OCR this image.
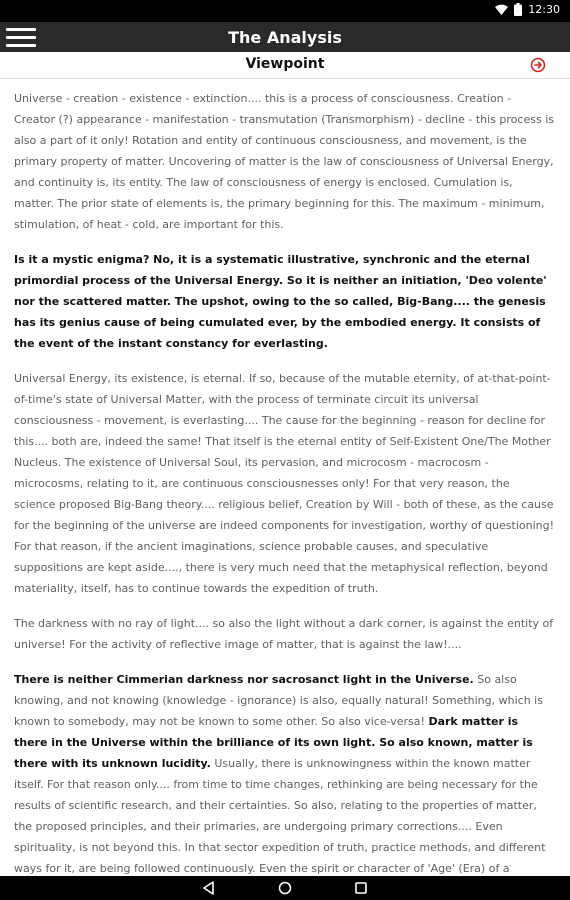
12:30
The Analysis
Viewpoint

Universe - creation - existence - extinction.... this is a process of consciousness. Creation - Creator (?) appearance - manifestation - transmutation (Transmorphism) - decline - this process is also a part of it only! Rotation and entity of continuous consciousness, and movement, is the primary property of matter. Uncovering of matter is the law of consciousness of Universal Energy, and continuity is, its entity. The law of consciousness of energy is enclosed. Cumulation is, matter. The prior state of elements is, the primary beginning for this. The maximum - minimum, stimulation, of heat - cold, are important for this.

Is it a mystic enigma? No, it is a systematic illustrative, synchronic and the eternal primordial process of the Universal Energy. So it is neither an initiation, 'Deo volente' nor the scattered matter. The upshot, owing to the so called, Big-Bang.... the genesis has its genius cause of being cumulated ever, by the embodied energy. It consists of the event of the instant constancy for everlasting.

Universal Energy, its existence, is eternal. If so, because of the mutable eternity, of at-that-point-of-time's state of Universal Matter, with the process of terminate circuit its universal consciousness - movement, is everlasting.... The cause for the beginning - reason for decline for this.... both are, indeed the same! That itself is the eternal entity of Self-Existent One/The Mother Nucleus. The existence of Universal Soul, its pervasion, and microcosm - macrocosm - microcosms, relating to it, are continuous consciousnesses only! For that very reason, the science proposed Big-Bang theory.... religious belief, Creation by Will - both of these, as the cause for the beginning of the universe are indeed components for investigation, worthy of questioning! For that reason, if the ancient imaginations, science probable causes, and speculative suppositions are kept aside...., there is very much need that the metaphysical reflection, beyond materiality, itself, has to continue towards the expedition of truth.

The darkness with no ray of light.... so also the light without a dark corner, is against the entity of universe! For the activity of reflective image of matter, that is against the law!....

There is neither Cimmerian darkness nor sacrosanct light in the Universe. So also knowing, and not knowing (knowledge - ignorance) is also, equally natural! Something, which is known to somebody, may not be known to some other. So also vice-versa! Dark matter is there in the Universe within the brilliance of its own light. So also known, matter is there with its unknown lucidity. Usually, there is unknowingness within the known matter itself. For that reason only.... from time to time changes, rethinking are being necessary for the results of scientific research, and their certainties. So also, relating to the properties of matter, the proposed principles, and their primaries, are undergoing primary corrections.... Even spirituality, is not beyond this. In that sector expedition of truth, practice methods, and different ways for it, are being followed continuously. Even the spirit or character of 'Age' (Era) of a
